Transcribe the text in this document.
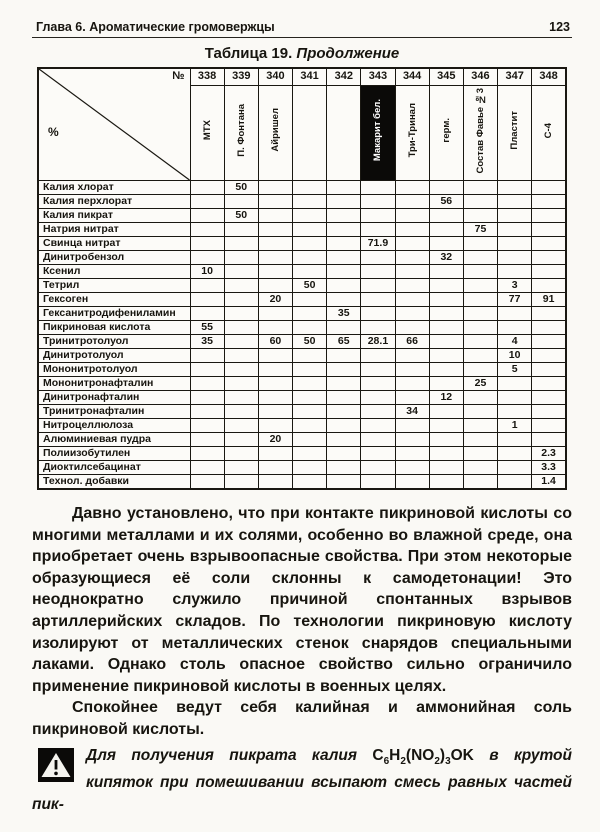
Глава 6. Ароматические громовержцы	123
Таблица 19. Продолжение
№
%	338	339	340	341	342	343	344	345	346	347	348
	МТХ	П. Фонтана	Айришел			Макарит бел.	Три-Тринал	герм.	Состав Фавье №3	Пластит	С-4
Калия хлорат		50									
Калия перхлорат								56			
Калия пикрат		50									
Натрия нитрат									75		
Свинца нитрат						71.9					
Динитробензол								32			
Ксенил	10										
Тетрил				50						3	
Гексоген			20							77	91
Гексанитродифениламин					35						
Пикриновая кислота	55										
Тринитротолуол	35		60	50	65	28.1	66			4	
Динитротолуол										10	
Мононитротолуол										5	
Мононитронафталин									25		
Динитронафталин								12			
Тринитронафталин							34				
Нитроцеллюлоза										1	
Алюминиевая пудра			20								
Полиизобутилен											2.3
Диоктилсебацинат											3.3
Технол. добавки											1.4

Давно установлено, что при контакте пикриновой кислоты со многими металлами и их солями, особенно во влажной среде, она приобретает очень взрывоопасные свойства. При этом некоторые образующиеся её соли склонны к самодетонации! Это неоднократно служило причиной спонтанных взрывов артиллерийских складов. По технологии пикриновую кислоту изолируют от металлических стенок снарядов специальными лаками. Однако столь опасное свойство сильно ограничило применение пикриновой кислоты в военных целях.

Спокойнее ведут себя калийная и аммонийная соль пикриновой кислоты.

Для получения пикрата калия $C_6H_2(NO_2)_3OK$ в крутой кипяток при помешивании всыпают смесь равных частей пик-
